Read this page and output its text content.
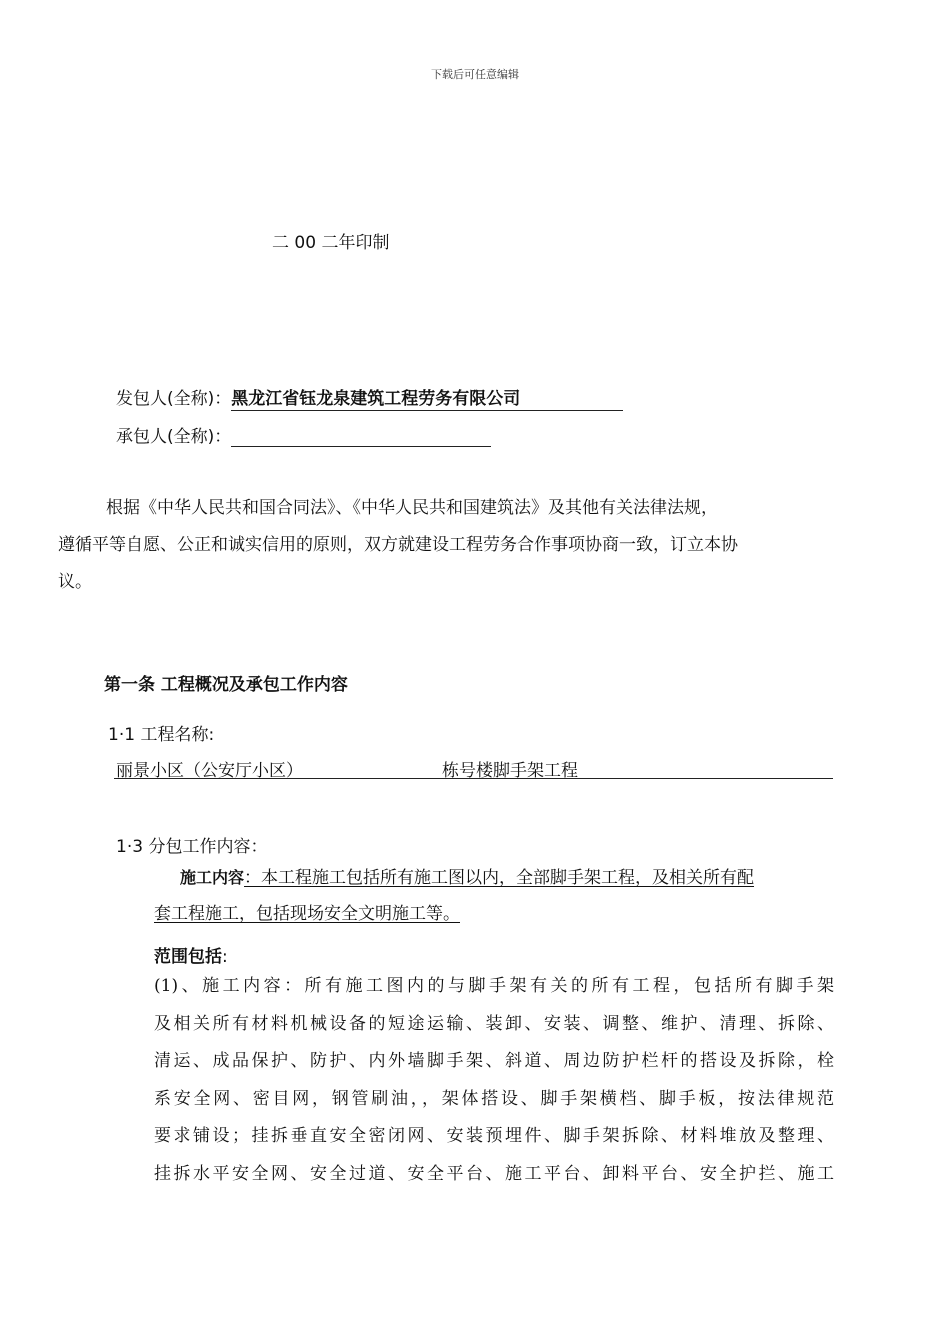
下载后可任意编辑
二 00 二年印制
发包人(全称)：黑龙江省钰龙泉建筑工程劳务有限公司
承包人(全称)：
根据《中华人民共和国合同法》、《中华人民共和国建筑法》及其他有关法律法规，
遵循平等自愿、公正和诚实信用的原则，双方就建设工程劳务合作事项协商一致，订立本协
议。
第一条 工程概况及承包工作内容
1·1 工程名称:
丽景小区（公安厅小区）	栋号楼脚手架工程
1·3 分包工作内容：
施工内容：本工程施工包括所有施工图以内，全部脚手架工程，及相关所有配
套工程施工，包括现场安全文明施工等。
范围包括:
(1)、施工内容：所有施工图内的与脚手架有关的所有工程，包括所有脚手架
及相关所有材料机械设备的短途运输、装卸、安装、调整、维护、清理、拆除、
清运、成品保护、防护、内外墙脚手架、斜道、周边防护栏杆的搭设及拆除，栓
系安全网、密目网，钢管刷油，，架体搭设、脚手架横档、脚手板，按法律规范
要求铺设；挂拆垂直安全密闭网、安装预埋件、脚手架拆除、材料堆放及整理、
挂拆水平安全网、安全过道、安全平台、施工平台、卸料平台、安全护拦、施工
